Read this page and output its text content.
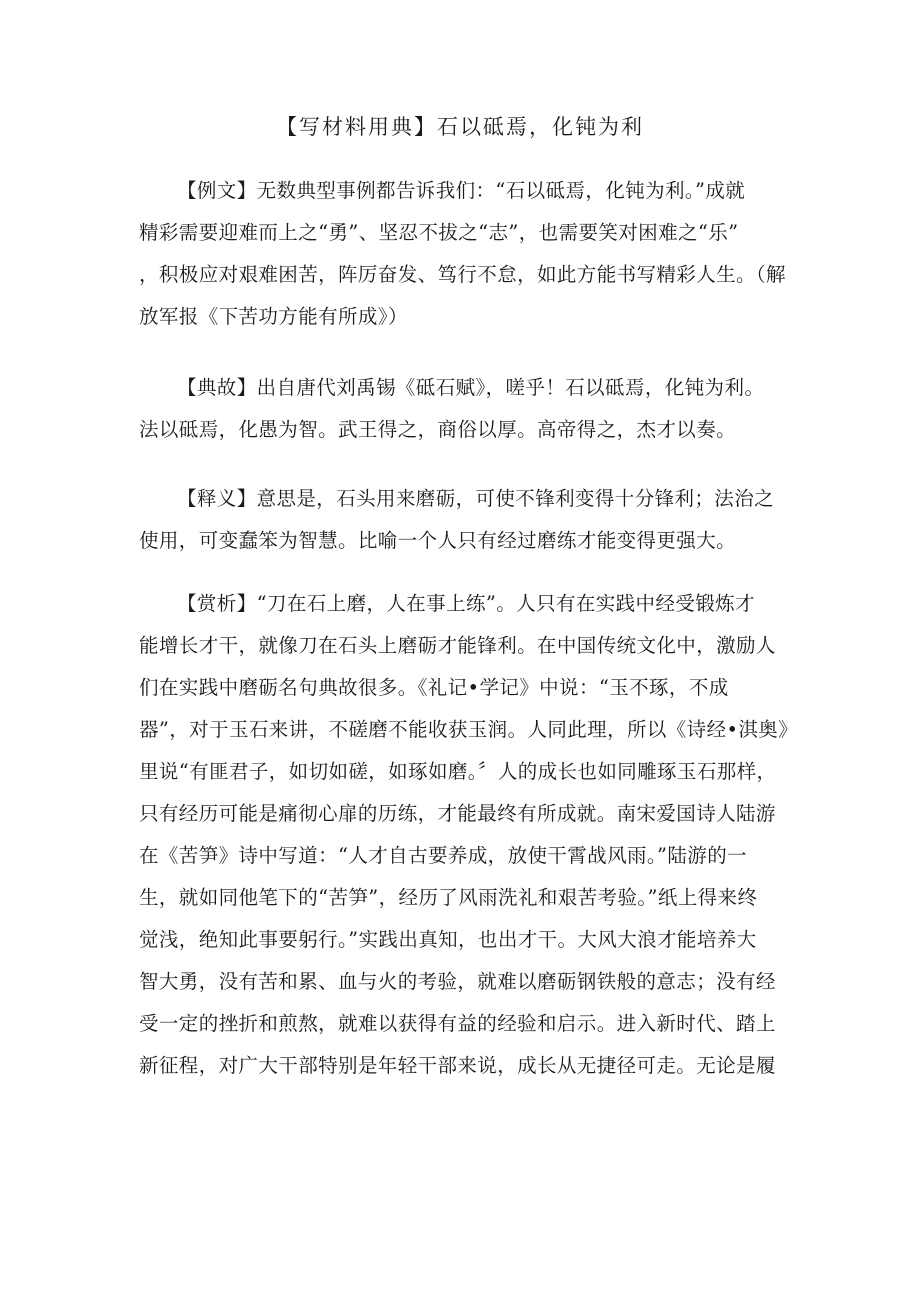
【写材料用典】石以砥焉，化钝为利
【例文】无数典型事例都告诉我们：“石以砥焉，化钝为利。”成就
精彩需要迎难而上之“勇”、坚忍不拔之“志”，也需要笑对困难之“乐”
，积极应对艰难困苦，阵厉奋发、笃行不怠，如此方能书写精彩人生。（解
放军报《下苦功方能有所成》）
【典故】出自唐代刘禹锡《砥石赋》，嗟乎！石以砥焉，化钝为利。
法以砥焉，化愚为智。武王得之，商俗以厚。高帝得之，杰才以奏。
【释义】意思是，石头用来磨砺，可使不锋利变得十分锋利；法治之
使用，可变蠢笨为智慧。比喻一个人只有经过磨练才能变得更强大。
【赏析】“刀在石上磨，人在事上练”。人只有在实践中经受锻炼才
能增长才干，就像刀在石头上磨砺才能锋利。在中国传统文化中，激励人
们在实践中磨砺名句典故很多。《礼记•学记》中说：“玉不琢，不成
器”，对于玉石来讲，不磋磨不能收获玉润。人同此理，所以《诗经•淇奥》
里说“有匪君子，如切如磋，如琢如磨。〞人的成长也如同雕琢玉石那样，
只有经历可能是痛彻心扉的历练，才能最终有所成就。南宋爱国诗人陆游
在《苦笋》诗中写道：“人才自古要养成，放使干霄战风雨。”陆游的一
生，就如同他笔下的“苦笋”，经历了风雨洗礼和艰苦考验。”纸上得来终
觉浅，绝知此事要躬行。”实践出真知，也出才干。大风大浪才能培养大
智大勇，没有苦和累、血与火的考验，就难以磨砺钢铁般的意志；没有经
受一定的挫折和煎熬，就难以获得有益的经验和启示。进入新时代、踏上
新征程，对广大干部特别是年轻干部来说，成长从无捷径可走。无论是履
